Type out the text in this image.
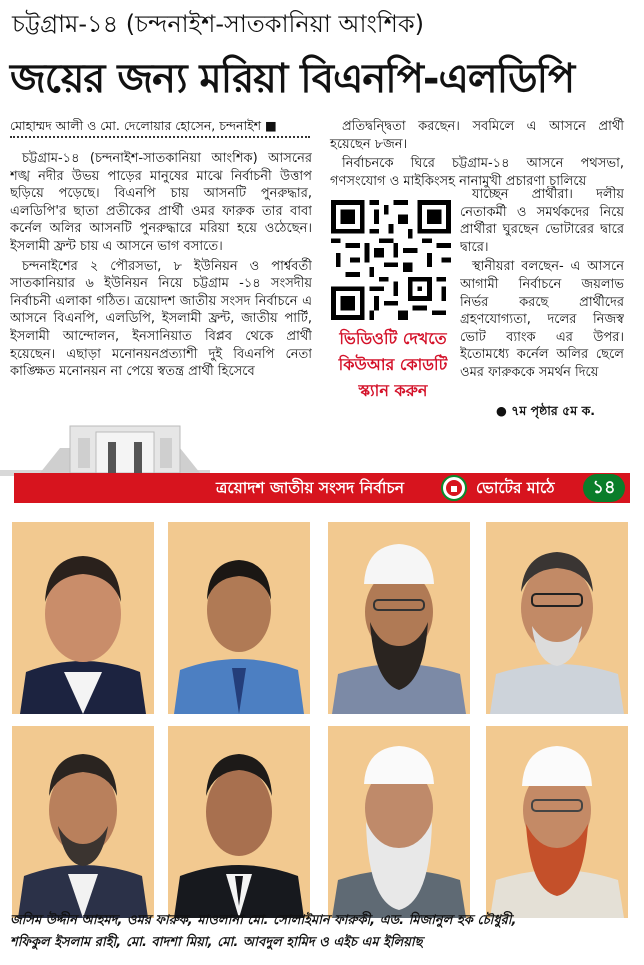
চট্টগ্রাম-১৪ (চন্দনাইশ-সাতকানিয়া আংশিক)
জয়ের জন্য মরিয়া বিএনপি-এলডিপি
মোহাম্মদ আলী ও মো. দেলোয়ার হোসেন, চন্দনাইশ ■

চট্টগ্রাম-১৪ (চন্দনাইশ-সাতকানিয়া আংশিক) আসনের শঙ্খ নদীর উভয় পাড়ের মানুষের মাঝে নির্বাচনী উত্তাপ ছড়িয়ে পড়েছে। বিএনপি চায় আসনটি পুনরুদ্ধার, এলডিপি'র ছাতা প্রতীকের প্রার্থী ওমর ফারুক তার বাবা কর্নেল অলির আসনটি পুনরুদ্ধারে মরিয়া হয়ে ওঠেছেন। ইসলামী ফ্রন্ট চায় এ আসনে ভাগ বসাতে।

চন্দনাইশের ২ পৌরসভা, ৮ ইউনিয়ন ও পার্শ্ববর্তী সাতকানিয়ার ৬ ইউনিয়ন নিয়ে চট্টগ্রাম -১৪ সংসদীয় নির্বাচনী এলাকা গঠিত। ত্রয়োদশ জাতীয় সংসদ নির্বাচনে এ আসনে বিএনপি, এলডিপি, ইসলামী ফ্রন্ট, জাতীয় পার্টি, ইসলামী আন্দোলন, ইনসানিয়াত বিপ্লব থেকে প্রার্থী হয়েছেন। এছাড়া মনোনয়নপ্রত্যাশী দুই বিএনপি নেতা কাঙ্ক্ষিত মনোনয়ন না পেয়ে স্বতন্ত্র প্রার্থী হিসেবে

প্রতিদ্বন্দ্বিতা করছেন। সবমিলে এ আসনে প্রার্থী হয়েছেন ৮জন।

নির্বাচনকে ঘিরে চট্টগ্রাম-১৪ আসনে পথসভা, গণসংযোগ ও মাইকিংসহ নানামুখী প্রচারণা চালিয়ে

ভিডিওটি দেখতে কিউআর কোডটি স্ক্যান করুন

যাচ্ছেন প্রার্থীরা। দলীয় নেতাকর্মী ও সমর্থকদের নিয়ে প্রার্থীরা ঘুরছেন ভোটারের দ্বারে দ্বারে।

স্থানীয়রা বলছেন- এ আসনে আগামী নির্বাচনে জয়লাভ নির্ভর করছে প্রার্থীদের গ্রহণযোগ্যতা, দলের নিজস্ব ভোট ব্যাংক এর উপর। ইতোমধ্যে কর্নেল অলির ছেলে ওমর ফারুককে সমর্থন দিয়ে

● ৭ম পৃষ্ঠার ৫ম ক.
ত্রয়োদশ জাতীয় সংসদ নির্বাচন	ভোটের মাঠে	১৪
জসিম উদ্দীন আহমদ, ওমর ফারুক, মাওলানা মো. সোলাইমান ফারুকী, এড. মিজানুল হক চৌধুরী,
শফিকুল ইসলাম রাহী, মো. বাদশা মিয়া, মো. আবদুল হামিদ ও এইচ এম ইলিয়াছ
